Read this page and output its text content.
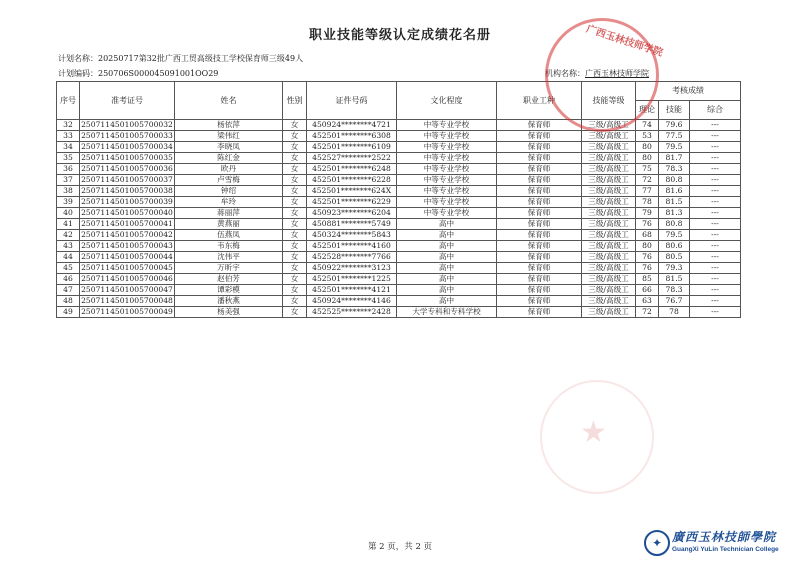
职业技能等级认定成绩花名册
计划名称：20250717第32批广西工贸高级技工学校保育师三级49人
计划编码：250706S000045091001OO29	机构名称：广西玉林技师学院
序号	准考证号	姓名	性别	证件号码	文化程度	职业工种	技能等级	考核成绩		
								理论	技能	综合
32	2507114501005700032	杨依萍	女	450924********4721	中等专业学校	保育师	三级/高级工	74	79.6	---
33	2507114501005700033	梁伟红	女	452501********6308	中等专业学校	保育师	三级/高级工	53	77.5	---
34	2507114501005700034	李晓凤	女	452501********6109	中等专业学校	保育师	三级/高级工	80	79.5	---
35	2507114501005700035	陈红金	女	452527********2522	中等专业学校	保育师	三级/高级工	80	81.7	---
36	2507114501005700036	欧丹	女	452501********6248	中等专业学校	保育师	三级/高级工	75	78.3	---
37	2507114501005700037	卢雪梅	女	452501********6228	中等专业学校	保育师	三级/高级工	72	80.8	---
38	2507114501005700038	钟绍	女	452501********624X	中等专业学校	保育师	三级/高级工	77	81.6	---
39	2507114501005700039	牟玲	女	452501********6229	中等专业学校	保育师	三级/高级工	78	81.5	---
40	2507114501005700040	蒋丽萍	女	450923********6204	中等专业学校	保育师	三级/高级工	79	81.3	---
41	2507114501005700041	黄燕丽	女	450881********5749	高中	保育师	三级/高级工	76	80.8	---
42	2507114501005700042	伍燕凤	女	450324********5843	高中	保育师	三级/高级工	68	79.5	---
43	2507114501005700043	韦东梅	女	452501********4160	高中	保育师	三级/高级工	80	80.6	---
44	2507114501005700044	沈伟平	女	452528********7766	高中	保育师	三级/高级工	76	80.5	---
45	2507114501005700045	万昕宇	女	450922********3123	高中	保育师	三级/高级工	76	79.3	---
46	2507114501005700046	赵伯芳	女	452501********1225	高中	保育师	三级/高级工	85	81.5	---
47	2507114501005700047	谭彩模	女	452501********4121	高中	保育师	三级/高级工	66	78.3	---
48	2507114501005700048	潘秋燕	女	450924********4146	高中	保育师	三级/高级工	63	76.7	---
49	2507114501005700049	杨美强	女	452525********2428	大学专科和专科学校	保育师	三级/高级工	72	78	---
广西玉林技师学院
★
第 2 页，共 2 页	✦ 廣西玉林技師學院
GuangXi YuLin Technician College
